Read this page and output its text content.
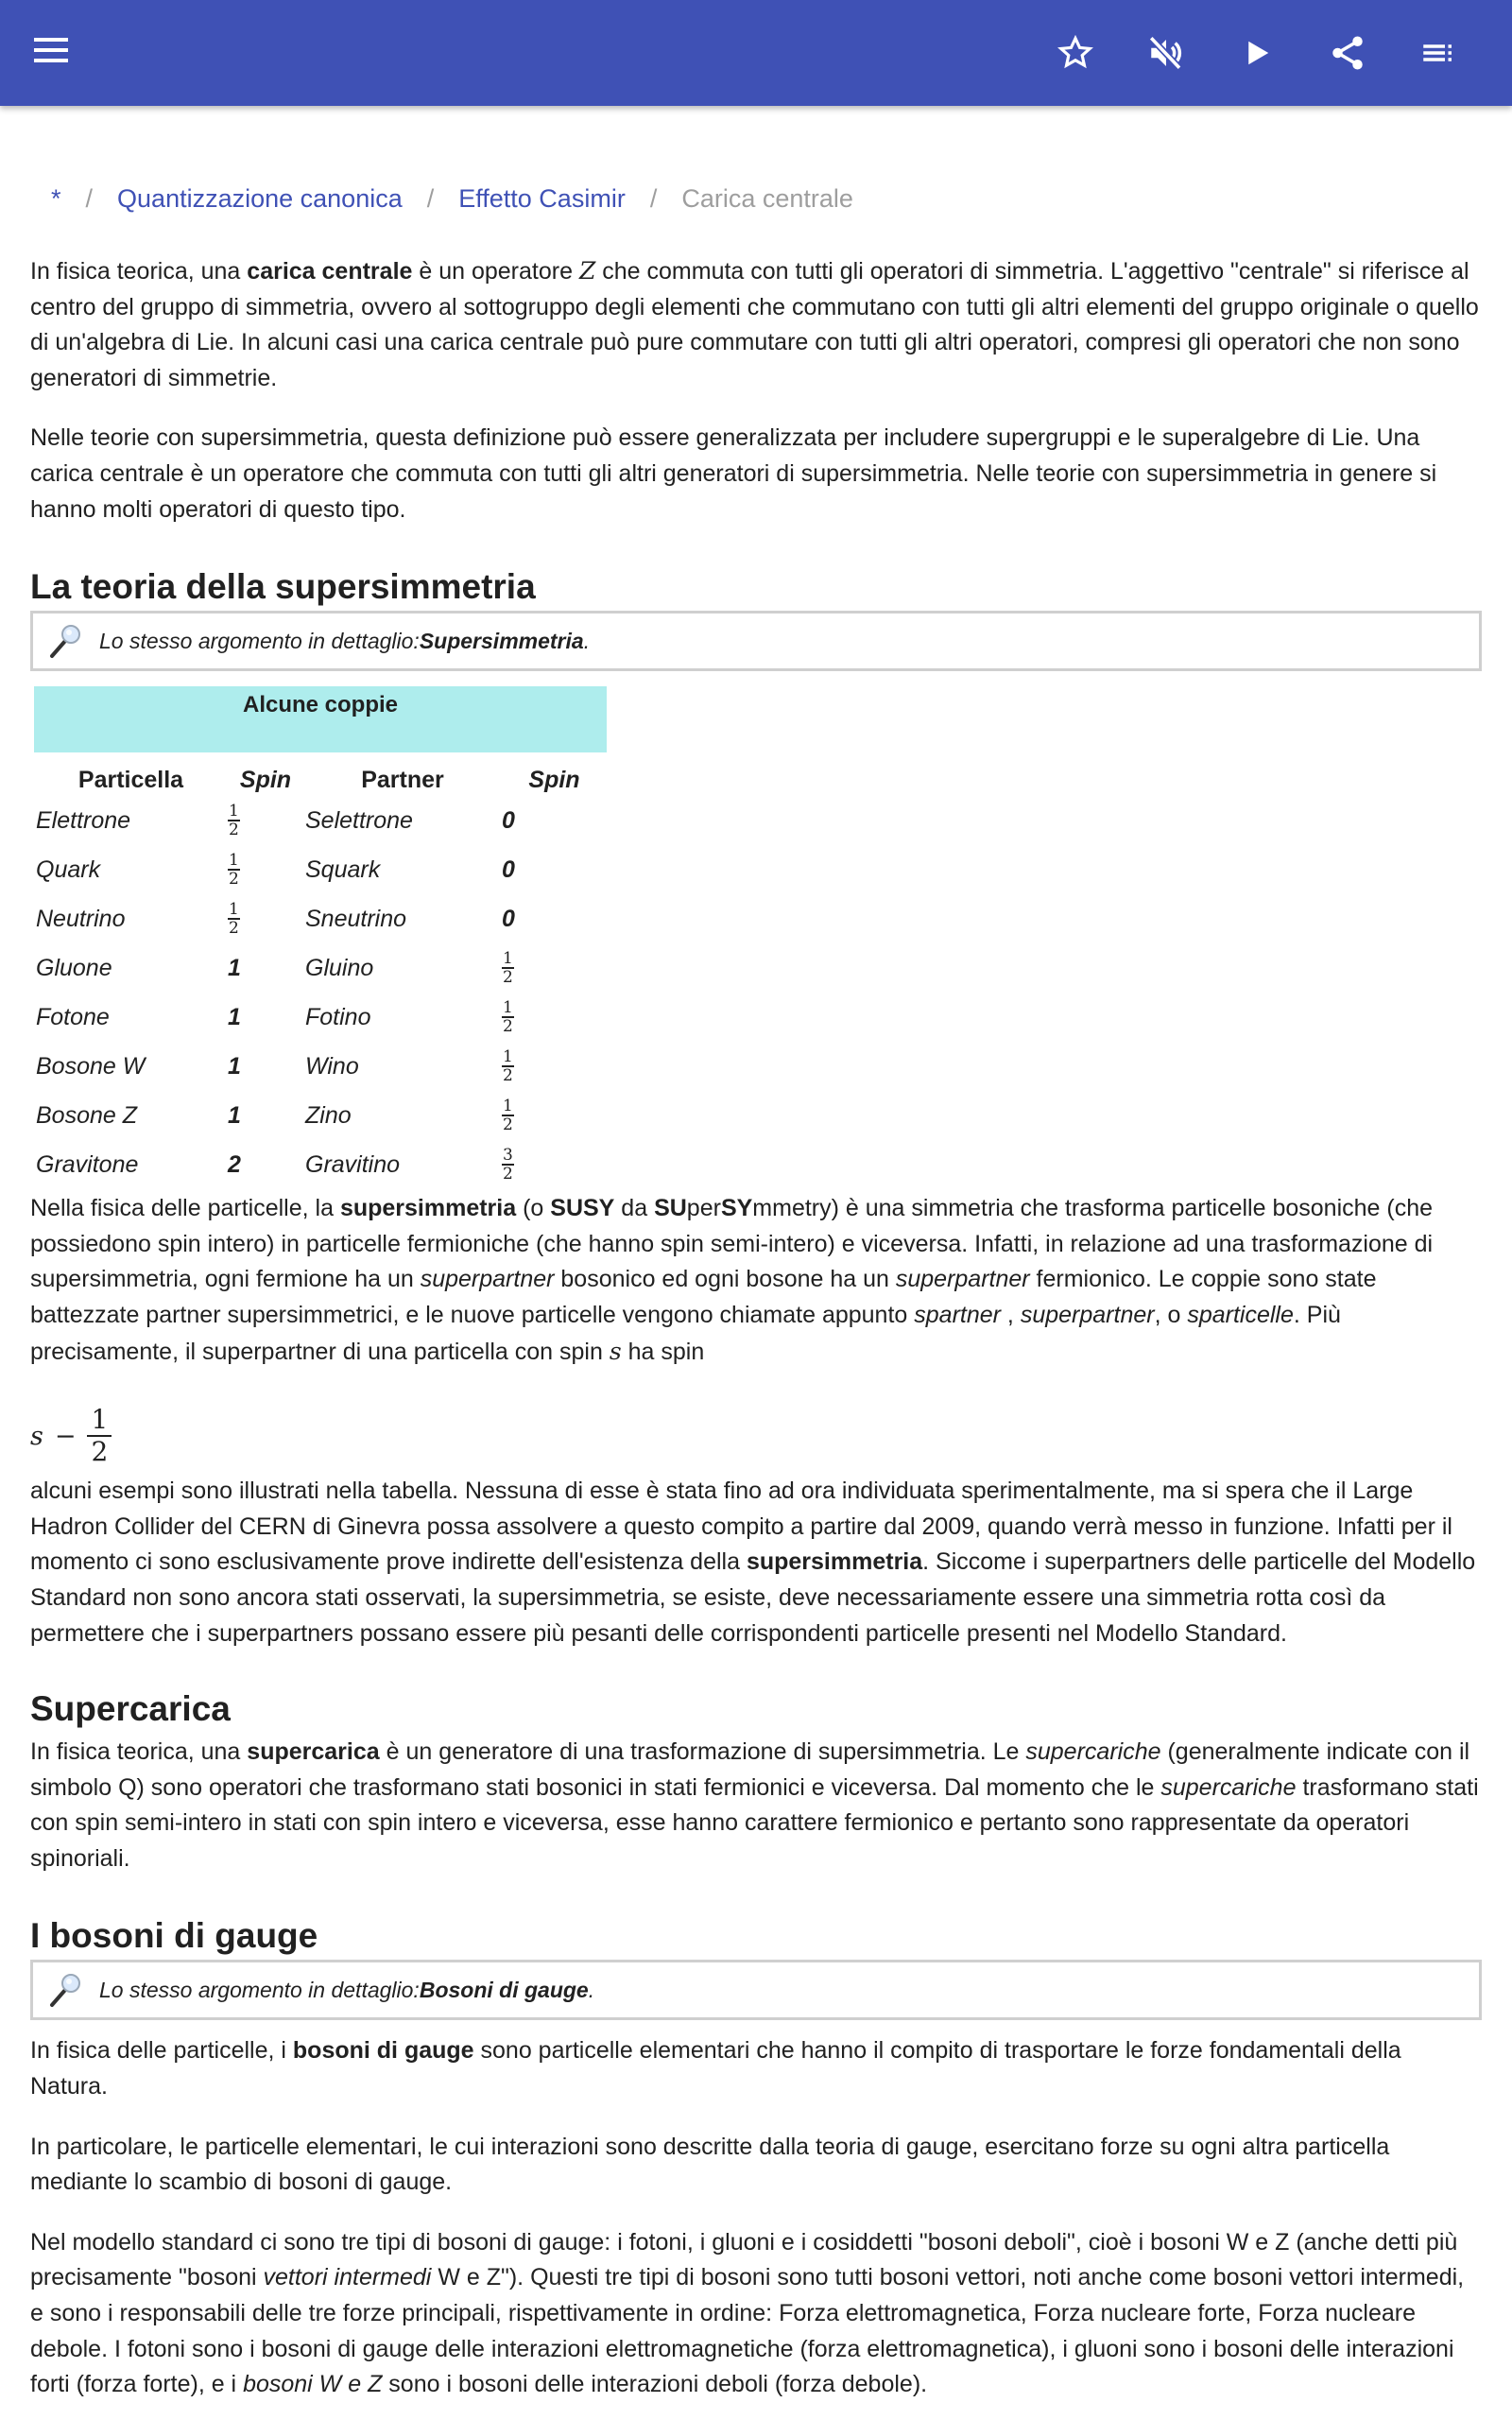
* / Quantizzazione canonica / Effetto Casimir / Carica centrale

In fisica teorica, una carica centrale è un operatore Z che commuta con tutti gli operatori di simmetria. L'aggettivo "centrale" si riferisce al centro del gruppo di simmetria, ovvero al sottogruppo degli elementi che commutano con tutti gli altri elementi del gruppo originale o quello di un'algebra di Lie. In alcuni casi una carica centrale può pure commutare con tutti gli altri operatori, compresi gli operatori che non sono generatori di simmetrie.

Nelle teorie con supersimmetria, questa definizione può essere generalizzata per includere supergruppi e le superalgebre di Lie. Una carica centrale è un operatore che commuta con tutti gli altri generatori di supersimmetria. Nelle teorie con supersimmetria in genere si hanno molti operatori di questo tipo.

La teoria della supersimmetria
Lo stesso argomento in dettaglio: Supersimmetria .
Alcune coppie			
Particella	Spin	Partner	Spin
Elettrone	$\frac{1}{2}$	Selettrone	0
Quark	$\frac{1}{2}$	Squark	0
Neutrino	$\frac{1}{2}$	Sneutrino	0
Gluone	1	Gluino	$\frac{1}{2}$

Fotone	1	Fotino	$\frac{1}{2}$

Bosone W	1	Wino	$\frac{1}{2}$

Bosone Z	1	Zino	$\frac{1}{2}$

Gravitone	2	Gravitino	$\frac{3}{2}$

Nella fisica delle particelle, la supersimmetria (o SUSY da SUperSYmmetry) è una simmetria che trasforma particelle bosoniche (che possiedono spin intero) in particelle fermioniche (che hanno spin semi-intero) e viceversa. Infatti, in relazione ad una trasformazione di supersimmetria, ogni fermione ha un superpartner bosonico ed ogni bosone ha un superpartner fermionico. Le coppie sono state battezzate partner supersimmetrici, e le nuove particelle vengono chiamate appunto spartner , superpartner, o sparticelle. Più precisamente, il superpartner di una particella con spin s ha spin

$s - \frac{1}{2}$

alcuni esempi sono illustrati nella tabella. Nessuna di esse è stata fino ad ora individuata sperimentalmente, ma si spera che il Large Hadron Collider del CERN di Ginevra possa assolvere a questo compito a partire dal 2009, quando verrà messo in funzione. Infatti per il momento ci sono esclusivamente prove indirette dell'esistenza della supersimmetria. Siccome i superpartners delle particelle del Modello Standard non sono ancora stati osservati, la supersimmetria, se esiste, deve necessariamente essere una simmetria rotta così da permettere che i superpartners possano essere più pesanti delle corrispondenti particelle presenti nel Modello Standard.

Supercarica

In fisica teorica, una supercarica è un generatore di una trasformazione di supersimmetria. Le supercariche (generalmente indicate con il simbolo Q) sono operatori che trasformano stati bosonici in stati fermionici e viceversa. Dal momento che le supercariche trasformano stati con spin semi-intero in stati con spin intero e viceversa, esse hanno carattere fermionico e pertanto sono rappresentate da operatori spinoriali.

I bosoni di gauge
Lo stesso argomento in dettaglio: Bosoni di gauge .

In fisica delle particelle, i bosoni di gauge sono particelle elementari che hanno il compito di trasportare le forze fondamentali della Natura.

In particolare, le particelle elementari, le cui interazioni sono descritte dalla teoria di gauge, esercitano forze su ogni altra particella mediante lo scambio di bosoni di gauge.

Nel modello standard ci sono tre tipi di bosoni di gauge: i fotoni, i gluoni e i cosiddetti "bosoni deboli", cioè i bosoni W e Z (anche detti più precisamente "bosoni vettori intermedi W e Z"). Questi tre tipi di bosoni sono tutti bosoni vettori, noti anche come bosoni vettori intermedi, e sono i responsabili delle tre forze principali, rispettivamente in ordine: Forza elettromagnetica, Forza nucleare forte, Forza nucleare debole. I fotoni sono i bosoni di gauge delle interazioni elettromagnetiche (forza elettromagnetica), i gluoni sono i bosoni delle interazioni forti (forza forte), e i bosoni W e Z sono i bosoni delle interazioni deboli (forza debole).
